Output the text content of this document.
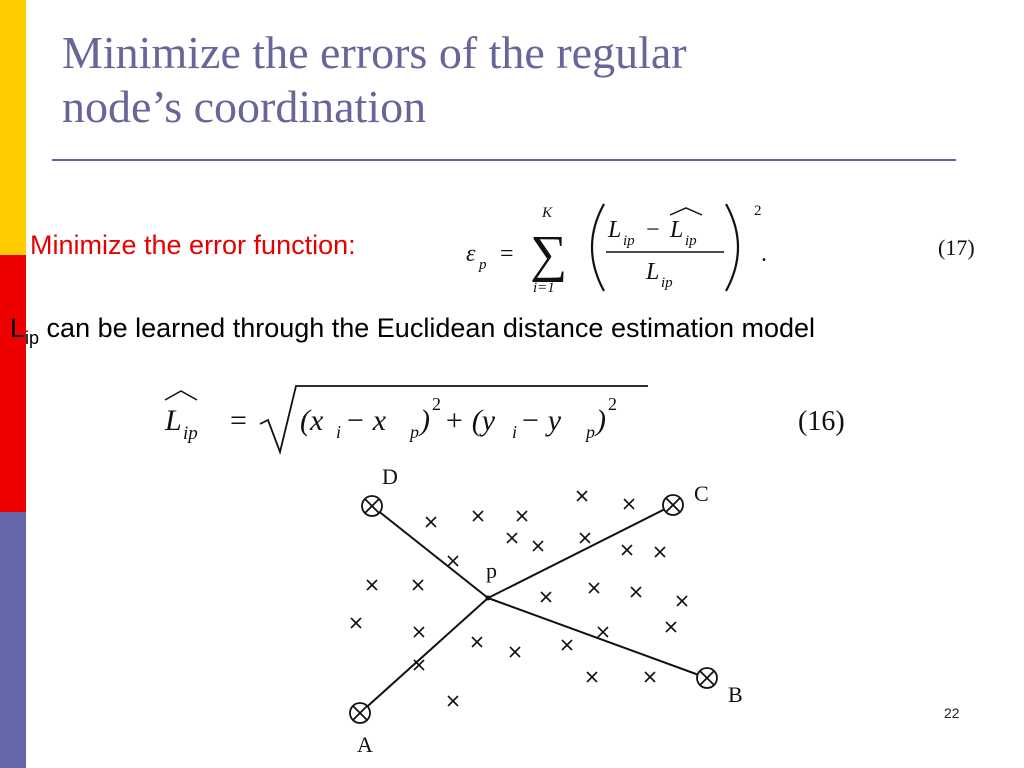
Minimize the errors of the regular
node’s coordination
Minimize the error function:	ε p =
K
∑
i=1
L ip − L ip
L ip
2
.	(17)
$L_{ip}$ can be learned through the Euclidean distance estimation model
L ip = (x i − x p ) 2 + (y i − y p ) 2
(16)
A
B
C
D
p
22
